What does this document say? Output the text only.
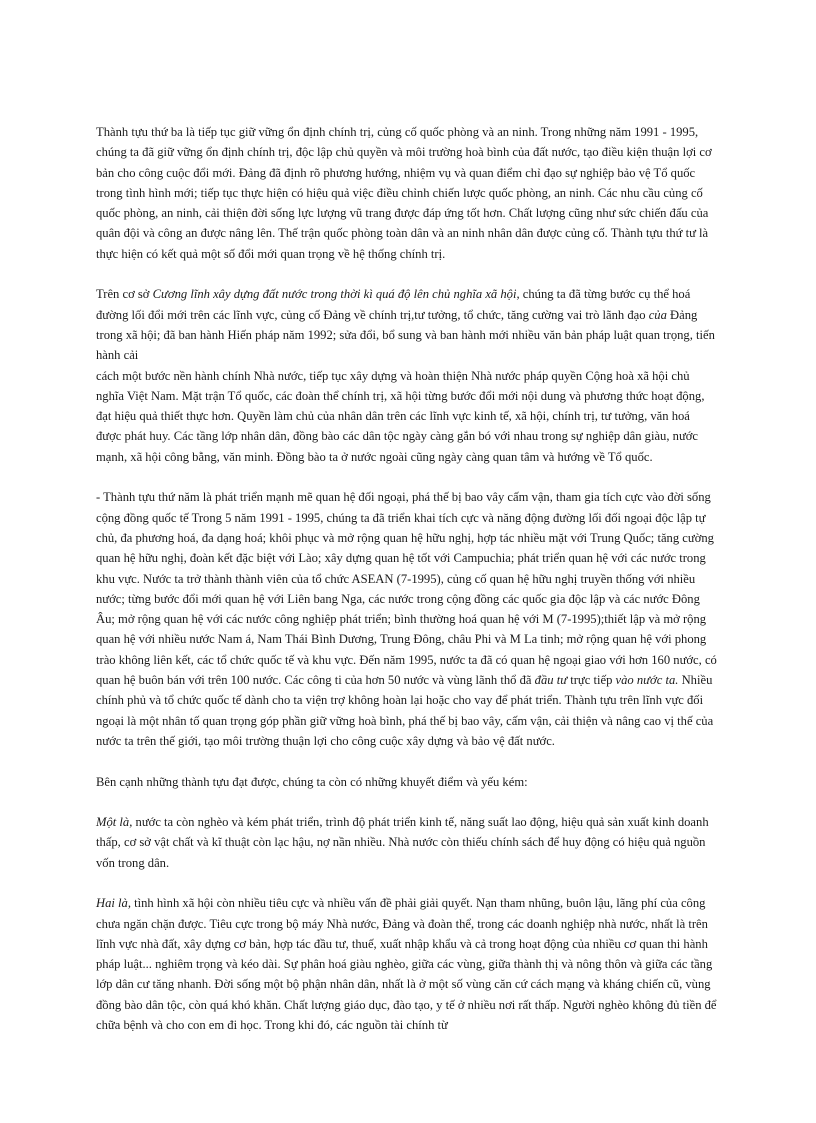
Thành tựu thứ ba là tiếp tục giữ vững ổn định chính trị, củng cố quốc phòng và an ninh. Trong những năm 1991 - 1995, chúng ta đã giữ vững ổn định chính trị, độc lập chủ quyền và môi trường hoà bình của đất nước, tạo điều kiện thuận lợi cơ bản cho công cuộc đổi mới. Đảng đã định rõ phương hướng, nhiệm vụ và quan điểm chỉ đạo sự nghiệp bảo vệ Tổ quốc trong tình hình mới; tiếp tục thực hiện có hiệu quả việc điều chỉnh chiến lược quốc phòng, an ninh. Các nhu cầu củng cố quốc phòng, an ninh, cải thiện đời sống lực lượng vũ trang được đáp ứng tốt hơn. Chất lượng cũng như sức chiến đấu của quân đội và công an được nâng lên. Thế trận quốc phòng toàn dân và an ninh nhân dân được củng cố. Thành tựu thứ tư là thực hiện có kết quả một số đổi mới quan trọng về hệ thống chính trị.

Trên cơ sở Cương lĩnh xây dựng đất nước trong thời kì quá độ lên chủ nghĩa xã hội, chúng ta đã từng bước cụ thể hoá đường lối đổi mới trên các lĩnh vực, củng cố Đảng về chính trị,tư tưởng, tổ chức, tăng cường vai trò lãnh đạo của Đảng trong xã hội; đã ban hành Hiến pháp năm 1992; sửa đổi, bổ sung và ban hành mới nhiều văn bản pháp luật quan trọng, tiến hành cải

cách một bước nền hành chính Nhà nước, tiếp tục xây dựng và hoàn thiện Nhà nước pháp quyền Cộng hoà xã hội chủ nghĩa Việt Nam. Mặt trận Tổ quốc, các đoàn thể chính trị, xã hội từng bước đổi mới nội dung và phương thức hoạt động, đạt hiệu quả thiết thực hơn. Quyền làm chủ của nhân dân trên các lĩnh vực kinh tế, xã hội, chính trị, tư tưởng, văn hoá được phát huy. Các tầng lớp nhân dân, đồng bào các dân tộc ngày càng gắn bó với nhau trong sự nghiệp dân giàu, nước mạnh, xã hội công bằng, văn minh. Đồng bào ta ở nước ngoài cũng ngày càng quan tâm và hướng về Tổ quốc.

- Thành tựu thứ năm là phát triển mạnh mẽ quan hệ đối ngoại, phá thế bị bao vây cấm vận, tham gia tích cực vào đời sống cộng đồng quốc tế Trong 5 năm 1991 - 1995, chúng ta đã triển khai tích cực và năng động đường lối đối ngoại độc lập tự chủ, đa phương hoá, đa dạng hoá; khôi phục và mở rộng quan hệ hữu nghị, hợp tác nhiều mặt với Trung Quốc; tăng cường quan hệ hữu nghị, đoàn kết đặc biệt với Lào; xây dựng quan hệ tốt với Campuchia; phát triển quan hệ với các nước trong khu vực. Nước ta trở thành thành viên của tổ chức ASEAN (7-1995), củng cố quan hệ hữu nghị truyền thống với nhiều nước; từng bước đổi mới quan hệ với Liên bang Nga, các nước trong cộng đồng các quốc gia độc lập và các nước Đông Âu; mở rộng quan hệ với các nước công nghiệp phát triển; bình thường hoá quan hệ với M (7-1995);thiết lập và mở rộng quan hệ với nhiều nước Nam á, Nam Thái Bình Dương, Trung Đông, châu Phi và M La tinh; mở rộng quan hệ với phong trào không liên kết, các tổ chức quốc tế và khu vực. Đến năm 1995, nước ta đã có quan hệ ngoại giao với hơn 160 nước, có quan hệ buôn bán với trên 100 nước. Các công ti của hơn 50 nước và vùng lãnh thổ đã đầu tư trực tiếp vào nước ta. Nhiều chính phủ và tổ chức quốc tế dành cho ta viện trợ không hoàn lại hoặc cho vay để phát triển. Thành tựu trên lĩnh vực đối ngoại là một nhân tố quan trọng góp phần giữ vững hoà bình, phá thế bị bao vây, cấm vận, cải thiện và nâng cao vị thế của nước ta trên thế giới, tạo môi trường thuận lợi cho công cuộc xây dựng và bảo vệ đất nước.

Bên cạnh những thành tựu đạt được, chúng ta còn có những khuyết điểm và yếu kém:

Một là, nước ta còn nghèo và kém phát triển, trình độ phát triển kinh tế, năng suất lao động, hiệu quả sản xuất kinh doanh thấp, cơ sở vật chất và kĩ thuật còn lạc hậu, nợ nần nhiều. Nhà nước còn thiếu chính sách để huy động có hiệu quả nguồn vốn trong dân.

Hai là, tình hình xã hội còn nhiều tiêu cực và nhiều vấn đề phải giải quyết. Nạn tham nhũng, buôn lậu, lãng phí của công chưa ngăn chặn được. Tiêu cực trong bộ máy Nhà nước, Đảng và đoàn thể, trong các doanh nghiệp nhà nước, nhất là trên lĩnh vực nhà đất, xây dựng cơ bản, hợp tác đầu tư, thuế, xuất nhập khẩu và cả trong hoạt động của nhiều cơ quan thi hành pháp luật... nghiêm trọng và kéo dài. Sự phân hoá giàu nghèo, giữa các vùng, giữa thành thị và nông thôn và giữa các tầng lớp dân cư tăng nhanh. Đời sống một bộ phận nhân dân, nhất là ở một số vùng căn cứ cách mạng và kháng chiến cũ, vùng đồng bào dân tộc, còn quá khó khăn. Chất lượng giáo dục, đào tạo, y tế ở nhiều nơi rất thấp. Người nghèo không đủ tiền để chữa bệnh và cho con em đi học. Trong khi đó, các nguồn tài chính từ
